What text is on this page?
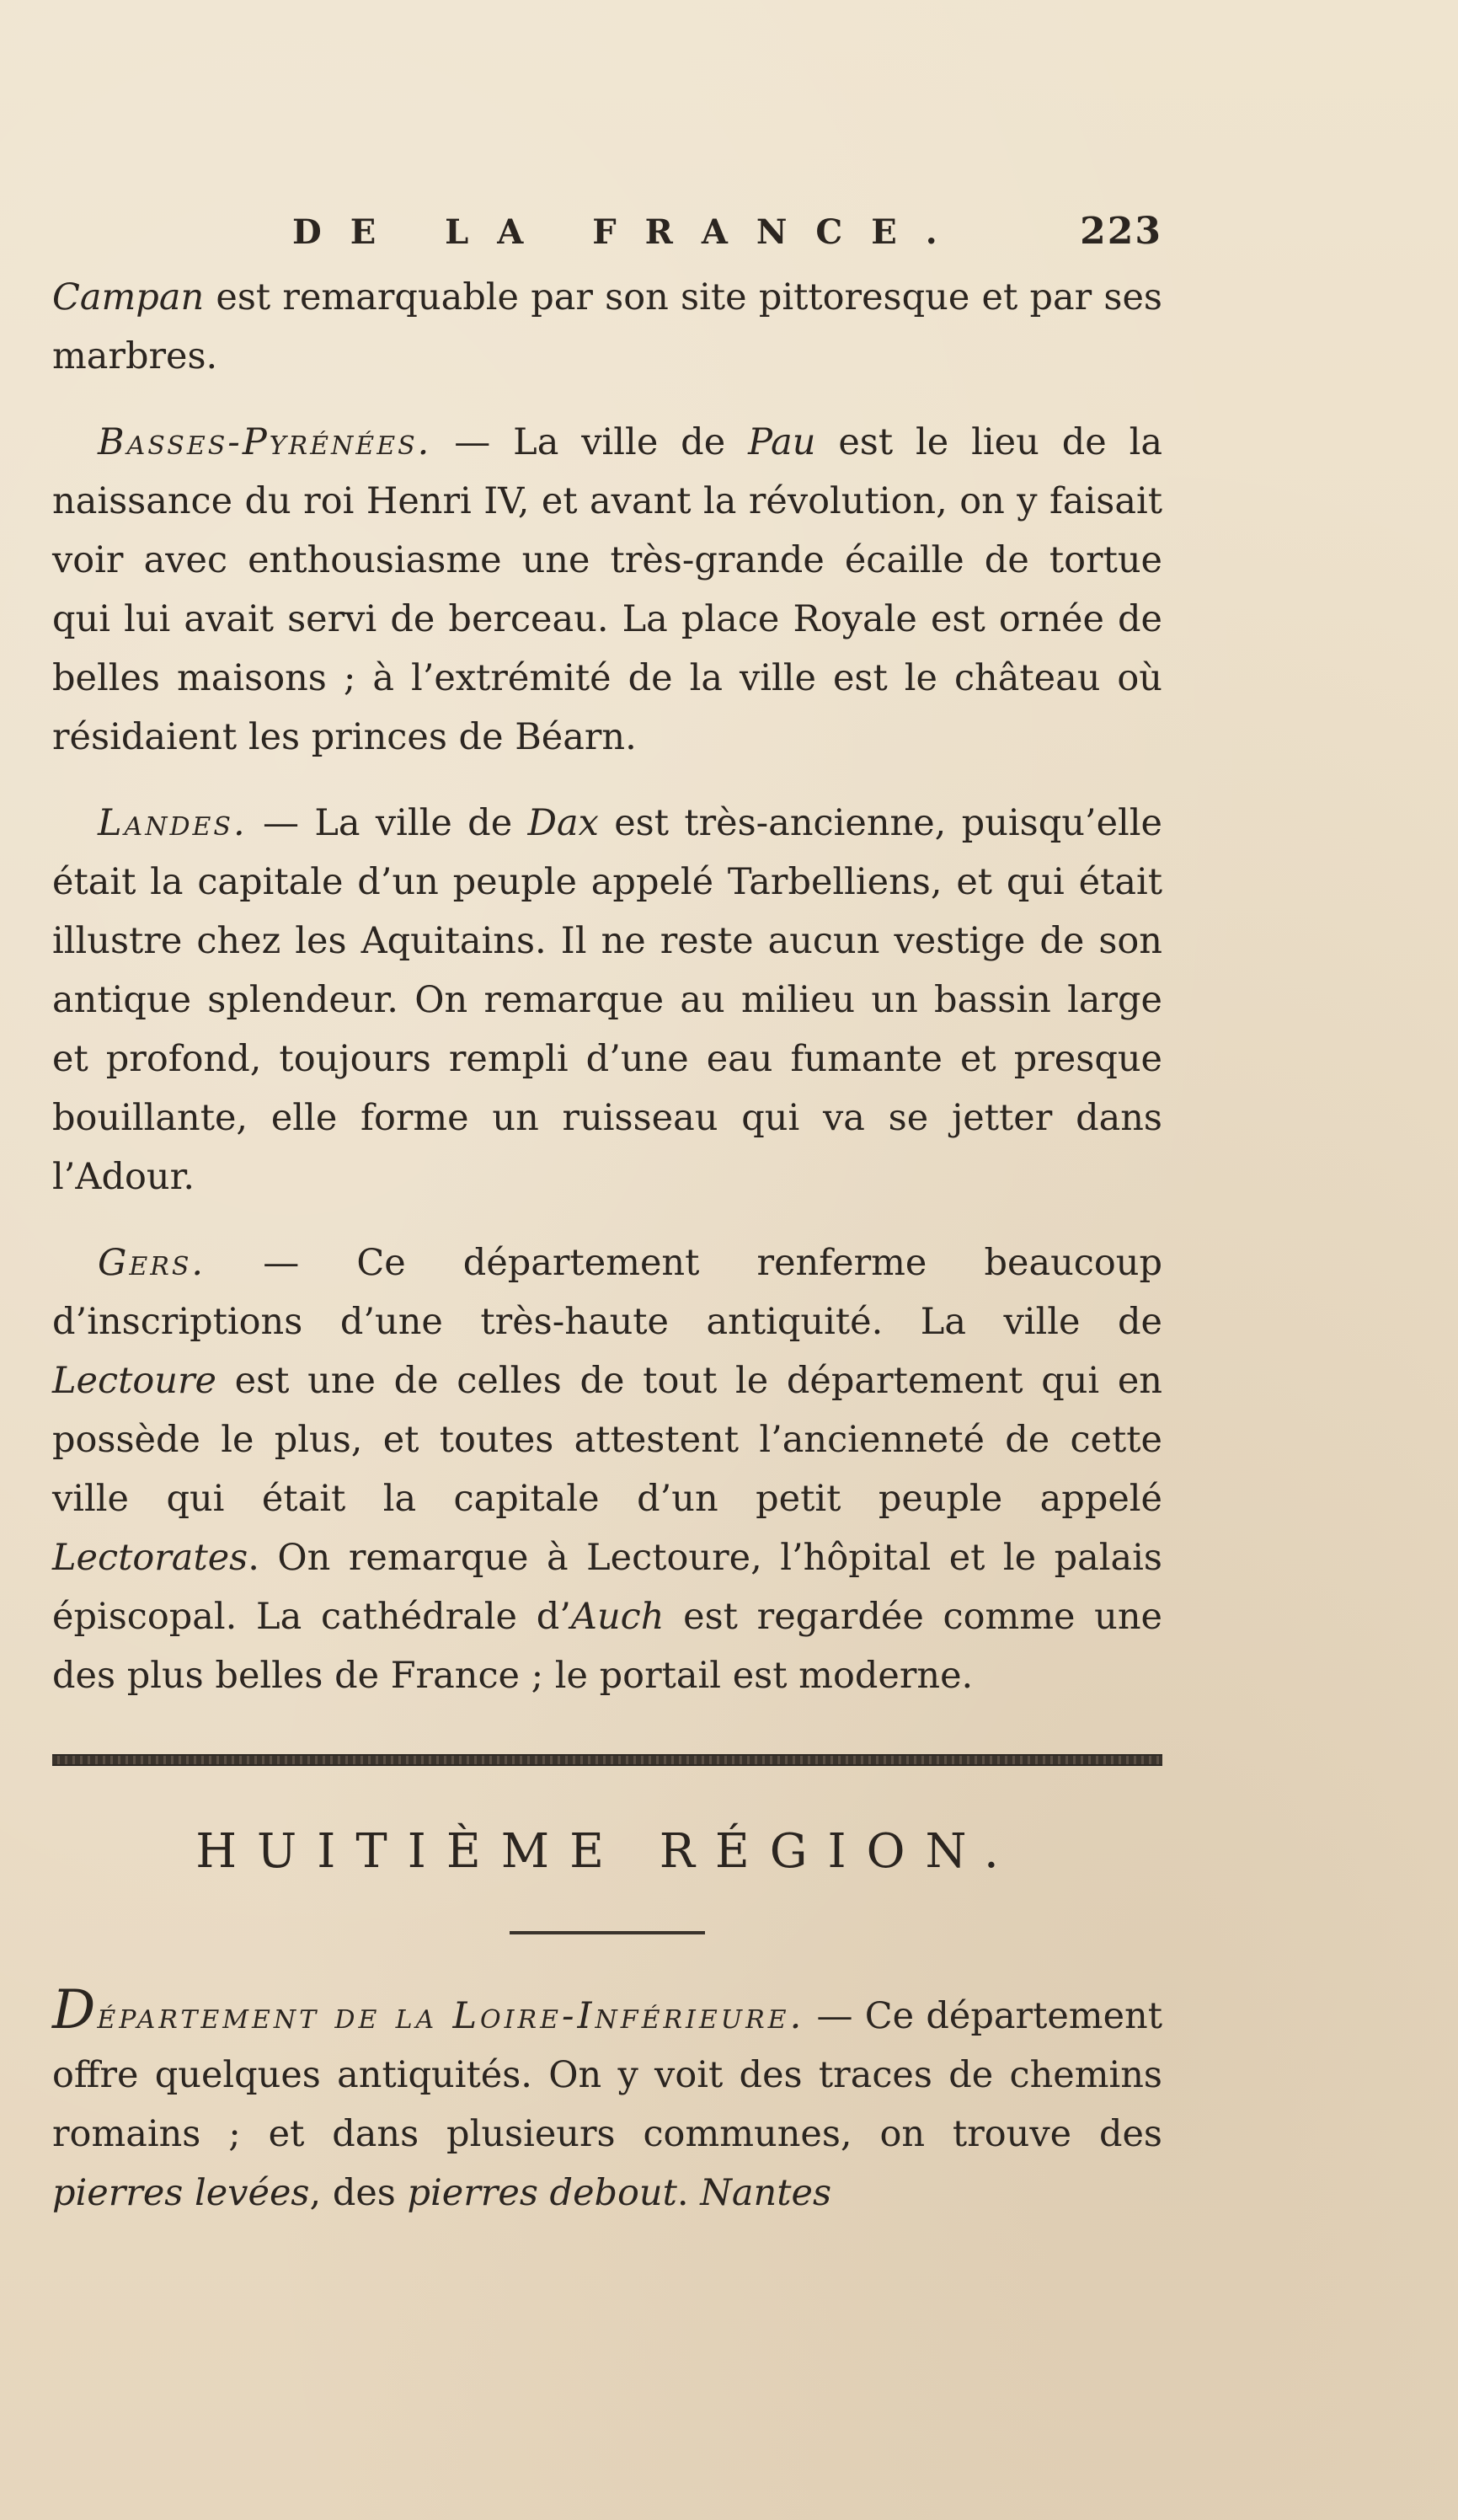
DE LA FRANCE.	223

Campan est remarquable par son site pittoresque et par ses marbres.

Basses-Pyrénées. — La ville de Pau est le lieu de la naissance du roi Henri IV, et avant la révolution, on y faisait voir avec enthousiasme une très-grande écaille de tortue qui lui avait servi de berceau. La place Royale est ornée de belles maisons ; à l’extrémité de la ville est le château où résidaient les princes de Béarn.

Landes. — La ville de Dax est très-ancienne, puisqu’elle était la capitale d’un peuple appelé Tarbelliens, et qui était illustre chez les Aquitains. Il ne reste aucun vestige de son antique splendeur. On remarque au milieu un bassin large et profond, toujours rempli d’une eau fumante et presque bouillante, elle forme un ruisseau qui va se jetter dans l’Adour.

Gers. — Ce département renferme beaucoup d’inscriptions d’une très-haute antiquité. La ville de Lectoure est une de celles de tout le département qui en possède le plus, et toutes attestent l’ancienneté de cette ville qui était la capitale d’un petit peuple appelé Lectorates. On remarque à Lectoure, l’hôpital et le palais épiscopal. La cathédrale d’Auch est regardée comme une des plus belles de France ; le portail est moderne.

HUITIÈME RÉGION.

Département de la Loire-Inférieure. — Ce département offre quelques antiquités. On y voit des traces de chemins romains ; et dans plusieurs communes, on trouve des pierres levées, des pierres debout. Nantes
